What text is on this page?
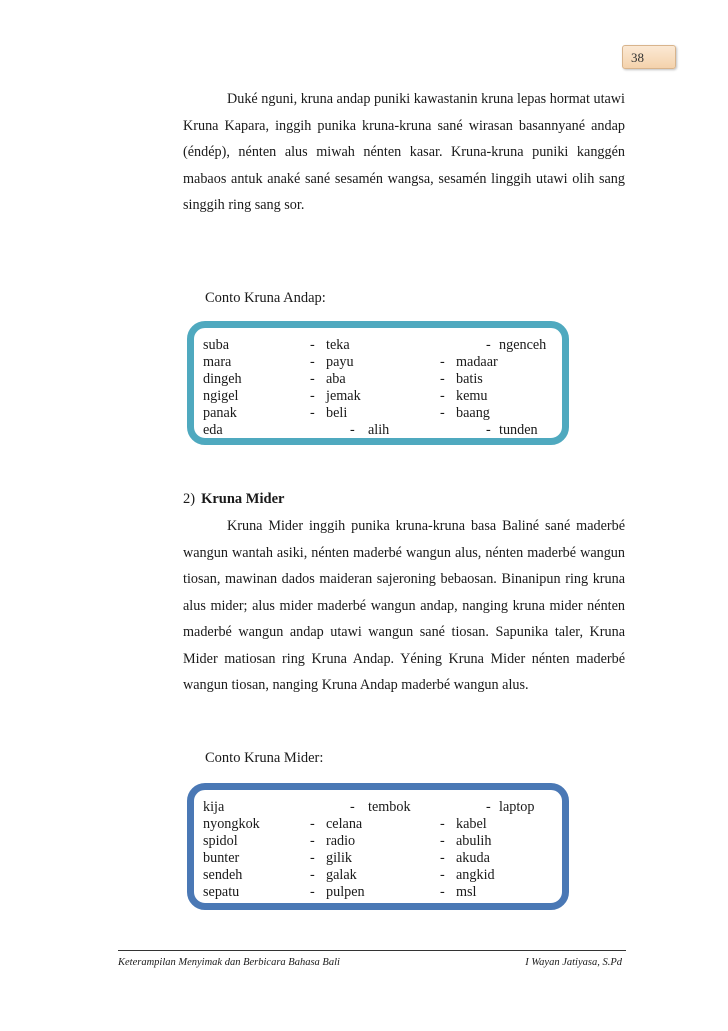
38

Duké nguni, kruna andap puniki kawastanin kruna lepas hormat utawi Kruna Kapara, inggih punika kruna-kruna sané wirasan basannyané andap (éndép), nénten alus miwah nénten kasar. Kruna-kruna puniki kanggén mabaos antuk anaké sané sesamén wangsa, sesamén linggih utawi olih sang singgih ring sang sor.

Conto Kruna Andap:

suba	- teka	- ngenceh
mara	- payu	- madaar
dingeh	- aba	- batis
ngigel	- jemak	- kemu
panak	- beli	- baang
eda	- alih	- tunden

2) Kruna Mider

Kruna Mider inggih punika kruna-kruna basa Baliné sané maderbé wangun wantah asiki, nénten maderbé wangun alus, nénten maderbé wangun tiosan, mawinan dados maideran sajeroning bebaosan. Binanipun ring kruna alus mider; alus mider maderbé wangun andap, nanging kruna mider nénten maderbé wangun andap utawi wangun sané tiosan. Sapunika taler, Kruna Mider matiosan ring Kruna Andap. Yéning Kruna Mider nénten maderbé wangun tiosan, nanging Kruna Andap maderbé wangun alus.

Conto Kruna Mider:

kija	- tembok	- laptop
nyongkok	- celana	- kabel
spidol	- radio	- abulih
bunter	- gilik	- akuda
sendeh	- galak	- angkid
sepatu	- pulpen	- msl

Keterampilan Menyimak dan Berbicara Bahasa Bali	I Wayan Jatiyasa, S.Pd
